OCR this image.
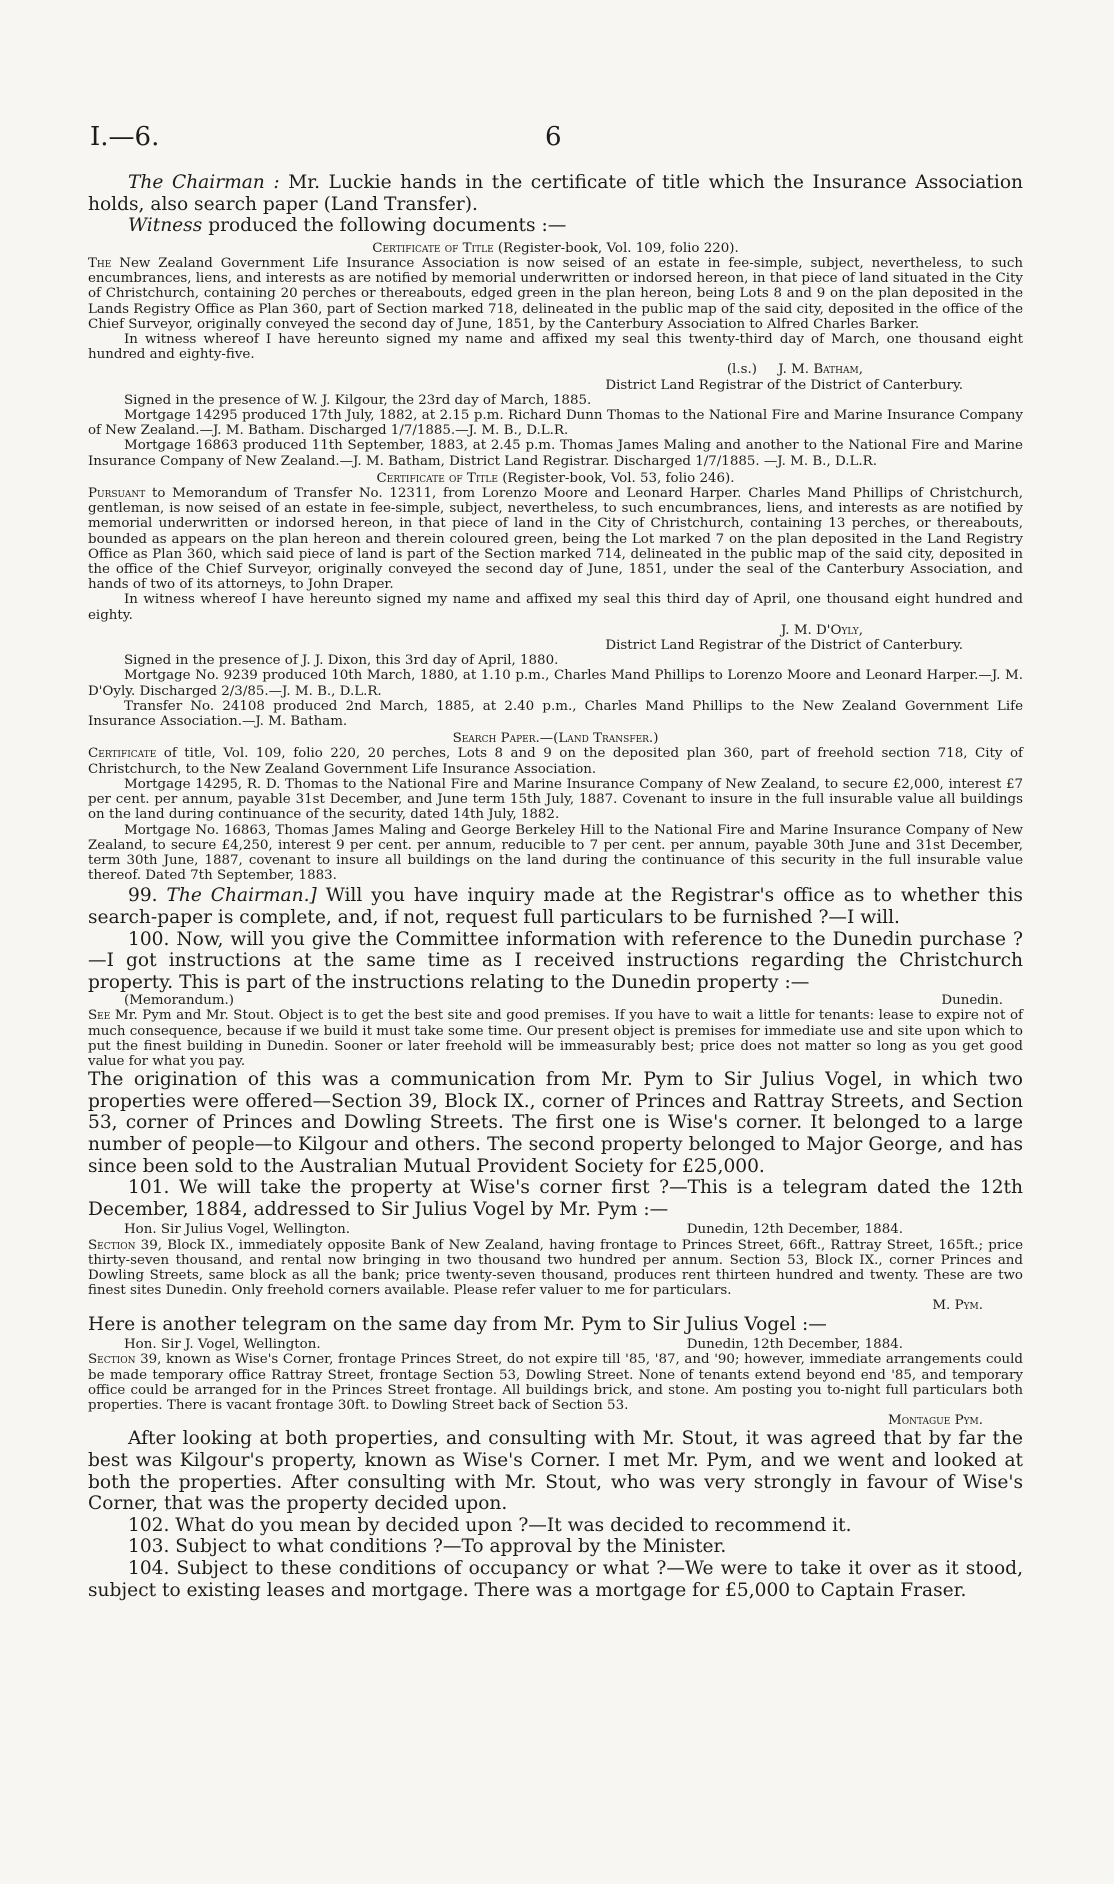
I.—6.	6

The Chairman : Mr. Luckie hands in the certificate of title which the Insurance Association holds, also search paper (Land Transfer).

Witness produced the following documents :—

Certificate of Title (Register-book, Vol. 109, folio 220).

The New Zealand Government Life Insurance Association is now seised of an estate in fee-simple, subject, nevertheless, to such encumbrances, liens, and interests as are notified by memorial underwritten or indorsed hereon, in that piece of land situated in the City of Christchurch, containing 20 perches or thereabouts, edged green in the plan hereon, being Lots 8 and 9 on the plan deposited in the Lands Registry Office as Plan 360, part of Section marked 718, delineated in the public map of the said city, deposited in the office of the Chief Surveyor, originally conveyed the second day of June, 1851, by the Canterbury Association to Alfred Charles Barker.

In witness whereof I have hereunto signed my name and affixed my seal this twenty-third day of March, one thousand eight hundred and eighty-five.

(l.s.) J. M. Batham,

District Land Registrar of the District of Canterbury.

Signed in the presence of W. J. Kilgour, the 23rd day of March, 1885.

Mortgage 14295 produced 17th July, 1882, at 2.15 p.m. Richard Dunn Thomas to the National Fire and Marine Insurance Company of New Zealand.—J. M. Batham. Discharged 1/7/1885.—J. M. B., D.L.R.

Mortgage 16863 produced 11th September, 1883, at 2.45 p.m. Thomas James Maling and another to the National Fire and Marine Insurance Company of New Zealand.—J. M. Batham, District Land Registrar. Discharged 1/7/1885. —J. M. B., D.L.R.

Certificate of Title (Register-book, Vol. 53, folio 246).

Pursuant to Memorandum of Transfer No. 12311, from Lorenzo Moore and Leonard Harper. Charles Mand Phillips of Christchurch, gentleman, is now seised of an estate in fee-simple, subject, nevertheless, to such encumbrances, liens, and interests as are notified by memorial underwritten or indorsed hereon, in that piece of land in the City of Christchurch, containing 13 perches, or thereabouts, bounded as appears on the plan hereon and therein coloured green, being the Lot marked 7 on the plan deposited in the Land Registry Office as Plan 360, which said piece of land is part of the Section marked 714, delineated in the public map of the said city, deposited in the office of the Chief Surveyor, originally conveyed the second day of June, 1851, under the seal of the Canterbury Association, and hands of two of its attorneys, to John Draper.

In witness whereof I have hereunto signed my name and affixed my seal this third day of April, one thousand eight hundred and eighty.

J. M. D'Oyly,

District Land Registrar of the District of Canterbury.

Signed in the presence of J. J. Dixon, this 3rd day of April, 1880.

Mortgage No. 9239 produced 10th March, 1880, at 1.10 p.m., Charles Mand Phillips to Lorenzo Moore and Leonard Harper.—J. M. D'Oyly. Discharged 2/3/85.—J. M. B., D.L.R.

Transfer No. 24108 produced 2nd March, 1885, at 2.40 p.m., Charles Mand Phillips to the New Zealand Government Life Insurance Association.—J. M. Batham.

Search Paper.—(Land Transfer.)

Certificate of title, Vol. 109, folio 220, 20 perches, Lots 8 and 9 on the deposited plan 360, part of freehold section 718, City of Christchurch, to the New Zealand Government Life Insurance Association.

Mortgage 14295, R. D. Thomas to the National Fire and Marine Insurance Company of New Zealand, to secure £2,000, interest £7 per cent. per annum, payable 31st December, and June term 15th July, 1887. Covenant to insure in the full insurable value all buildings on the land during continuance of the security, dated 14th July, 1882.

Mortgage No. 16863, Thomas James Maling and George Berkeley Hill to the National Fire and Marine Insurance Company of New Zealand, to secure £4,250, interest 9 per cent. per annum, reducible to 7 per cent. per annum, payable 30th June and 31st December, term 30th June, 1887, covenant to insure all buildings on the land during the continuance of this security in the full insurable value thereof. Dated 7th September, 1883.

99. The Chairman.] Will you have inquiry made at the Registrar's office as to whether this search-paper is complete, and, if not, request full particulars to be furnished ?—I will.

100. Now, will you give the Committee information with reference to the Dunedin purchase ?—I got instructions at the same time as I received instructions regarding the Christchurch property. This is part of the instructions relating to the Dunedin property :—

(Memorandum.)	Dunedin.

See Mr. Pym and Mr. Stout. Object is to get the best site and good premises. If you have to wait a little for tenants: lease to expire not of much consequence, because if we build it must take some time. Our present object is premises for immediate use and site upon which to put the finest building in Dunedin. Sooner or later freehold will be immeasurably best; price does not matter so long as you get good value for what you pay.

The origination of this was a communication from Mr. Pym to Sir Julius Vogel, in which two properties were offered—Section 39, Block IX., corner of Princes and Rattray Streets, and Section 53, corner of Princes and Dowling Streets. The first one is Wise's corner. It belonged to a large number of people—to Kilgour and others. The second property belonged to Major George, and has since been sold to the Australian Mutual Provident Society for £25,000.

101. We will take the property at Wise's corner first ?—This is a telegram dated the 12th December, 1884, addressed to Sir Julius Vogel by Mr. Pym :—

Hon. Sir Julius Vogel, Wellington.	Dunedin, 12th December, 1884.

Section 39, Block IX., immediately opposite Bank of New Zealand, having frontage to Princes Street, 66ft., Rattray Street, 165ft.; price thirty-seven thousand, and rental now bringing in two thousand two hundred per annum. Section 53, Block IX., corner Princes and Dowling Streets, same block as all the bank; price twenty-seven thousand, produces rent thirteen hundred and twenty. These are two finest sites Dunedin. Only freehold corners available. Please refer valuer to me for particulars.

M. Pym.

Here is another telegram on the same day from Mr. Pym to Sir Julius Vogel :—

Hon. Sir J. Vogel, Wellington.	Dunedin, 12th December, 1884.

Section 39, known as Wise's Corner, frontage Princes Street, do not expire till '85, '87, and '90; however, immediate arrangements could be made temporary office Rattray Street, frontage Section 53, Dowling Street. None of tenants extend beyond end '85, and temporary office could be arranged for in the Princes Street frontage. All buildings brick, and stone. Am posting you to-night full particulars both properties. There is vacant frontage 30ft. to Dowling Street back of Section 53.

Montague Pym.

After looking at both properties, and consulting with Mr. Stout, it was agreed that by far the best was Kilgour's property, known as Wise's Corner. I met Mr. Pym, and we went and looked at both the properties. After consulting with Mr. Stout, who was very strongly in favour of Wise's Corner, that was the property decided upon.

102. What do you mean by decided upon ?—It was decided to recommend it.

103. Subject to what conditions ?—To approval by the Minister.

104. Subject to these conditions of occupancy or what ?—We were to take it over as it stood, subject to existing leases and mortgage. There was a mortgage for £5,000 to Captain Fraser.
